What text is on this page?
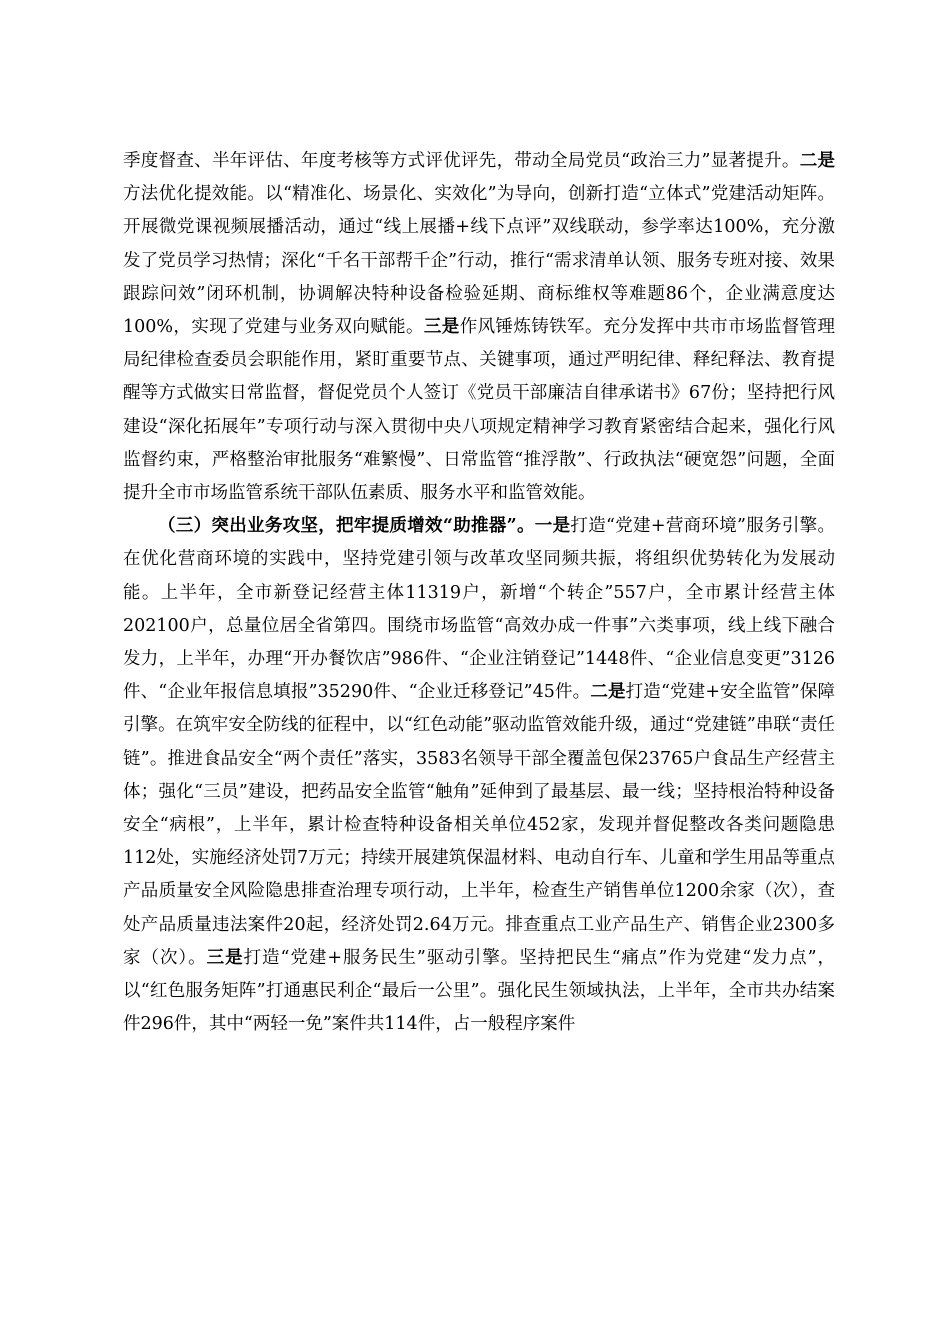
季度督查、半年评估、年度考核等方式评优评先，带动全局党员“政治三力”显著提升。二是方法优化提效能。以“精准化、场景化、实效化”为导向，创新打造“立体式”党建活动矩阵。开展微党课视频展播活动，通过“线上展播+线下点评”双线联动，参学率达100%，充分激发了党员学习热情；深化“千名干部帮千企”行动，推行“需求清单认领、服务专班对接、效果跟踪问效”闭环机制，协调解决特种设备检验延期、商标维权等难题86个，企业满意度达100%，实现了党建与业务双向赋能。三是作风锤炼铸铁军。充分发挥中共市市场监督管理局纪律检查委员会职能作用，紧盯重要节点、关键事项，通过严明纪律、释纪释法、教育提醒等方式做实日常监督，督促党员个人签订《党员干部廉洁自律承诺书》67份；坚持把行风建设“深化拓展年”专项行动与深入贯彻中央八项规定精神学习教育紧密结合起来，强化行风监督约束，严格整治审批服务“难繁慢”、日常监管“推浮散”、行政执法“硬宽怨”问题，全面提升全市市场监管系统干部队伍素质、服务水平和监管效能。

（三）突出业务攻坚，把牢提质增效“助推器”。一是打造“党建+营商环境”服务引擎。在优化营商环境的实践中，坚持党建引领与改革攻坚同频共振，将组织优势转化为发展动能。上半年，全市新登记经营主体11319户，新增“个转企”557户，全市累计经营主体202100户，总量位居全省第四。围绕市场监管“高效办成一件事”六类事项，线上线下融合发力，上半年，办理“开办餐饮店”986件、“企业注销登记”1448件、“企业信息变更”3126件、“企业年报信息填报”35290件、“企业迁移登记”45件。二是打造“党建+安全监管”保障引擎。在筑牢安全防线的征程中，以“红色动能”驱动监管效能升级，通过“党建链”串联“责任链”。推进食品安全“两个责任”落实，3583名领导干部全覆盖包保23765户食品生产经营主体；强化“三员”建设，把药品安全监管“触角”延伸到了最基层、最一线；坚持根治特种设备安全“病根”，上半年，累计检查特种设备相关单位452家，发现并督促整改各类问题隐患112处，实施经济处罚7万元；持续开展建筑保温材料、电动自行车、儿童和学生用品等重点产品质量安全风险隐患排查治理专项行动，上半年，检查生产销售单位1200余家（次），查处产品质量违法案件20起，经济处罚2.64万元。排查重点工业产品生产、销售企业2300多家（次）。三是打造“党建+服务民生”驱动引擎。坚持把民生“痛点”作为党建“发力点”，以“红色服务矩阵”打通惠民利企“最后一公里”。强化民生领域执法，上半年，全市共办结案件296件，其中“两轻一免”案件共114件，占一般程序案件
